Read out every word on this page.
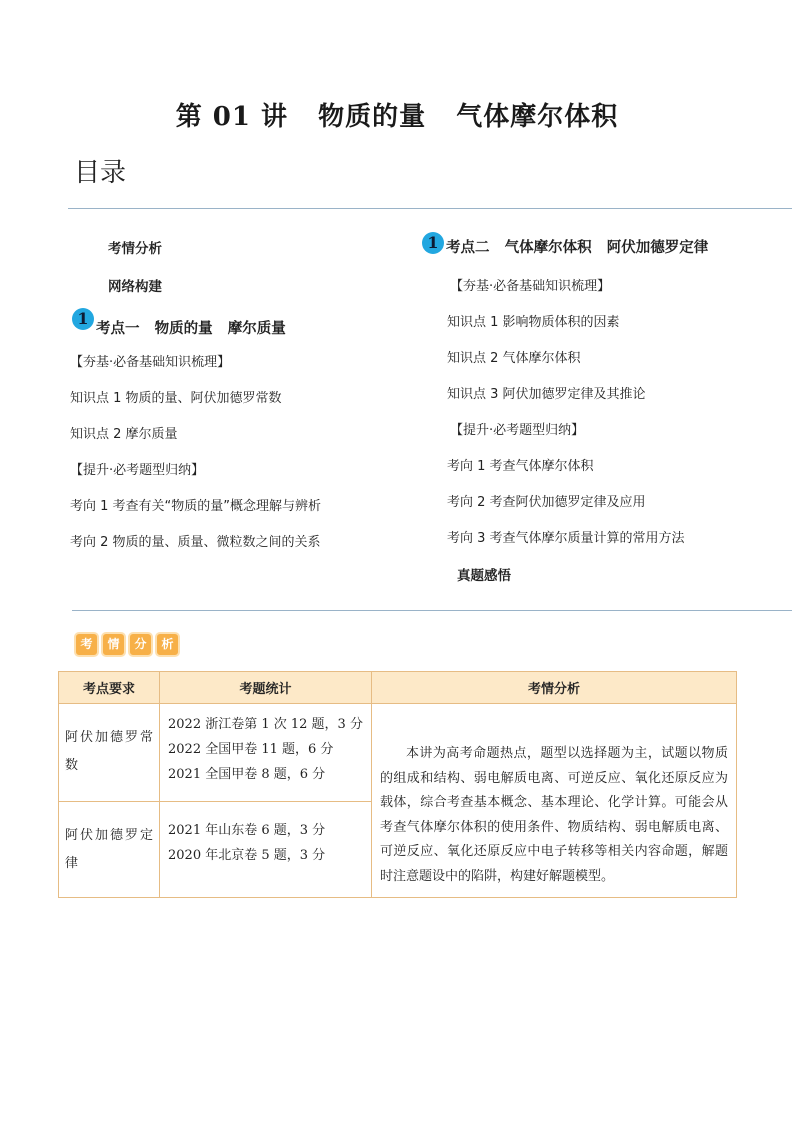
第 01 讲   物质的量   气体摩尔体积
目录
考情分析
网络构建
1
考点一   物质的量   摩尔质量
【夯基·必备基础知识梳理】
知识点 1 物质的量、阿伏加德罗常数
知识点 2 摩尔质量
【提升·必考题型归纳】
考向 1 考查有关“物质的量”概念理解与辨析
考向 2 物质的量、质量、微粒数之间的关系
1 考点二   气体摩尔体积   阿伏加德罗定律
【夯基·必备基础知识梳理】
知识点 1 影响物质体积的因素
知识点 2 气体摩尔体积
知识点 3 阿伏加德罗定律及其推论
【提升·必考题型归纳】
考向 1 考查气体摩尔体积
考向 2 考查阿伏加德罗定律及应用
考向 3 考查气体摩尔质量计算的常用方法
真题感悟
考	情	分	析
考点要求	考题统计	考情分析
阿伏加德罗常数	2022 浙江卷第 1 次 12 题，3 分
2022 全国甲卷 11 题，6 分
2021 全国甲卷 8 题，6 分	本讲为高考命题热点，题型以选择题为主，试题以物质的组成和结构、弱电解质电离、可逆反应、氧化还原反应为载体，综合考查基本概念、基本理论、化学计算。可能会从考查气体摩尔体积的使用条件、物质结构、弱电解质电离、可逆反应、氧化还原反应中电子转移等相关内容命题，解题时注意题设中的陷阱，构建好解题模型。
阿伏加德罗定律	2021 年山东卷 6 题，3 分
2020 年北京卷 5 题，3 分	
